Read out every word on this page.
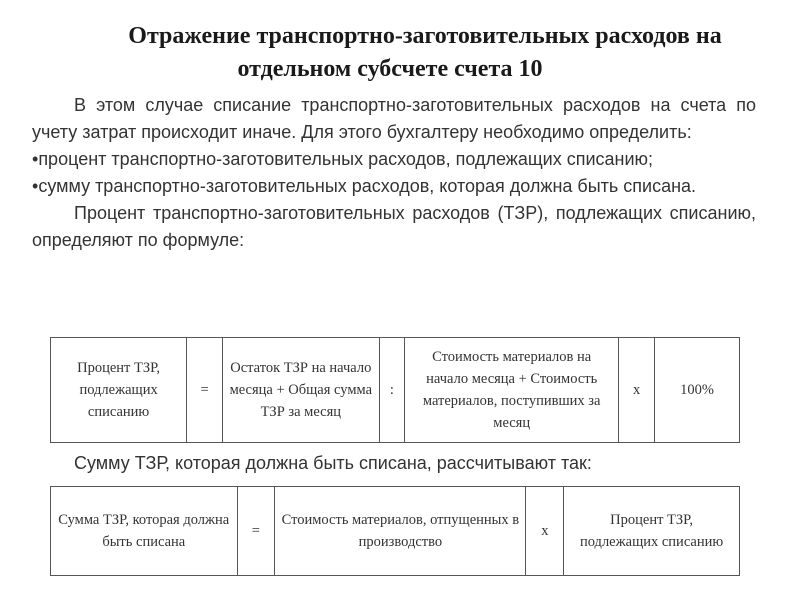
Отражение транспортно-заготовительных расходов на
отдельном субсчете счета 10
В этом случае списание транспортно-заготовительных расходов на счета по учету затрат происходит иначе. Для этого бухгалтеру необходимо определить:
•процент транспортно-заготовительных расходов, подлежащих списанию;
•сумму транспортно-заготовительных расходов, которая должна быть списана.
Процент транспортно-заготовительных расходов (ТЗР), подлежащих списанию, определяют по формуле:
Процент ТЗР, подлежащих списанию	=	Остаток ТЗР на начало месяца + Общая сумма ТЗР за месяц	:	Стоимость материалов на начало месяца + Стоимость материалов, поступивших за месяц	х	100%
Сумму ТЗР, которая должна быть списана, рассчитывают так:
Сумма ТЗР, которая должна быть списана	=	Стоимость материалов, отпущенных в производство	х	Процент ТЗР, подлежащих списанию
